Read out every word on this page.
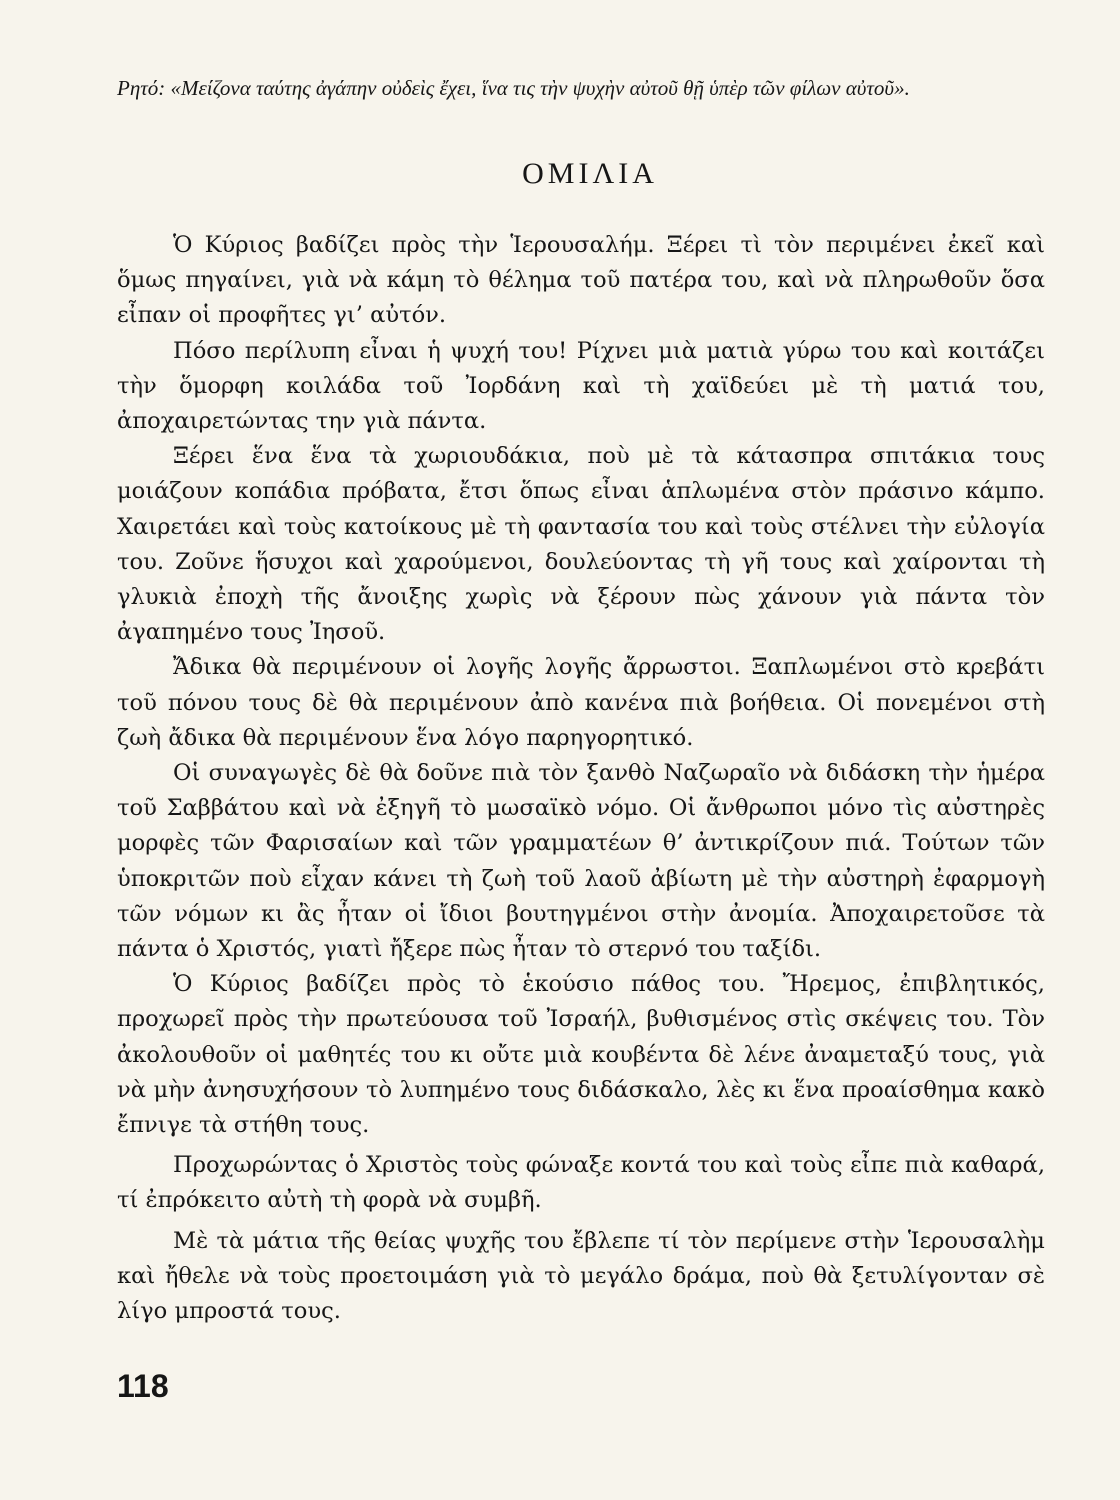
Ρητό: «Μείζονα ταύτης ἀγάπην οὐδεὶς ἔχει, ἵνα τις τὴν ψυχὴν αὐτοῦ θῇ ὑπὲρ τῶν φίλων αὐτοῦ».

ΟΜΙΛΙΑ

Ὁ Κύριος βαδίζει πρὸς τὴν Ἱερουσαλήμ. Ξέρει τὶ τὸν περιμένει ἐκεῖ καὶ ὅμως πηγαίνει, γιὰ νὰ κάμη τὸ θέλημα τοῦ πατέρα του, καὶ νὰ πληρωθοῦν ὅσα εἶπαν οἱ προφῆτες γι’ αὐτόν.

Πόσο περίλυπη εἶναι ἡ ψυχή του! Ρίχνει μιὰ ματιὰ γύρω του καὶ κοιτάζει τὴν ὅμορφη κοιλάδα τοῦ Ἰορδάνη καὶ τὴ χαϊδεύει μὲ τὴ ματιά του, ἀποχαιρετώντας την γιὰ πάντα.

Ξέρει ἕνα ἕνα τὰ χωριουδάκια, ποὺ μὲ τὰ κάτασπρα σπιτάκια τους μοιάζουν κοπάδια πρόβατα, ἔτσι ὅπως εἶναι ἁπλωμένα στὸν πράσινο κάμπο. Χαιρετάει καὶ τοὺς κατοίκους μὲ τὴ φαντασία του καὶ τοὺς στέλνει τὴν εὐλογία του. Ζοῦνε ἥσυχοι καὶ χαρούμενοι, δουλεύοντας τὴ γῆ τους καὶ χαίρονται τὴ γλυκιὰ ἐποχὴ τῆς ἄνοιξης χωρὶς νὰ ξέρουν πὼς χάνουν γιὰ πάντα τὸν ἀγαπημένο τους Ἰησοῦ.

Ἄδικα θὰ περιμένουν οἱ λογῆς λογῆς ἄρρωστοι. Ξαπλωμένοι στὸ κρεβάτι τοῦ πόνου τους δὲ θὰ περιμένουν ἀπὸ κανένα πιὰ βοήθεια. Οἱ πονεμένοι στὴ ζωὴ ἄδικα θὰ περιμένουν ἕνα λόγο παρηγορητικό.

Οἱ συναγωγὲς δὲ θὰ δοῦνε πιὰ τὸν ξανθὸ Ναζωραῖο νὰ διδάσκη τὴν ἡμέρα τοῦ Σαββάτου καὶ νὰ ἐξηγῆ τὸ μωσαϊκὸ νόμο. Οἱ ἄνθρωποι μόνο τὶς αὐστηρὲς μορφὲς τῶν Φαρισαίων καὶ τῶν γραμματέων θ’ ἀντικρίζουν πιά. Τούτων τῶν ὑποκριτῶν ποὺ εἶχαν κάνει τὴ ζωὴ τοῦ λαοῦ ἀβίωτη μὲ τὴν αὐστηρὴ ἐφαρμογὴ τῶν νόμων κι ἂς ἦταν οἱ ἴδιοι βουτηγμένοι στὴν ἀνομία. Ἀποχαιρετοῦσε τὰ πάντα ὁ Χριστός, γιατὶ ἤξερε πὼς ἦταν τὸ στερνό του ταξίδι.

Ὁ Κύριος βαδίζει πρὸς τὸ ἑκούσιο πάθος του. Ἤρεμος, ἐπιβλητικός, προχωρεῖ πρὸς τὴν πρωτεύουσα τοῦ Ἰσραήλ, βυθισμένος στὶς σκέψεις του. Τὸν ἀκολουθοῦν οἱ μαθητές του κι οὔτε μιὰ κουβέντα δὲ λένε ἀναμεταξύ τους, γιὰ νὰ μὴν ἀνησυχήσουν τὸ λυπημένο τους διδάσκαλο, λὲς κι ἕνα προαίσθημα κακὸ ἔπνιγε τὰ στήθη τους.

Προχωρώντας ὁ Χριστὸς τοὺς φώναξε κοντά του καὶ τοὺς εἶπε πιὰ καθαρά, τί ἐπρόκειτο αὐτὴ τὴ φορὰ νὰ συμβῆ.

Μὲ τὰ μάτια τῆς θείας ψυχῆς του ἔβλεπε τί τὸν περίμενε στὴν Ἱερουσαλὴμ καὶ ἤθελε νὰ τοὺς προετοιμάση γιὰ τὸ μεγάλο δράμα, ποὺ θὰ ξετυλίγονταν σὲ λίγο μπροστά τους.

118
